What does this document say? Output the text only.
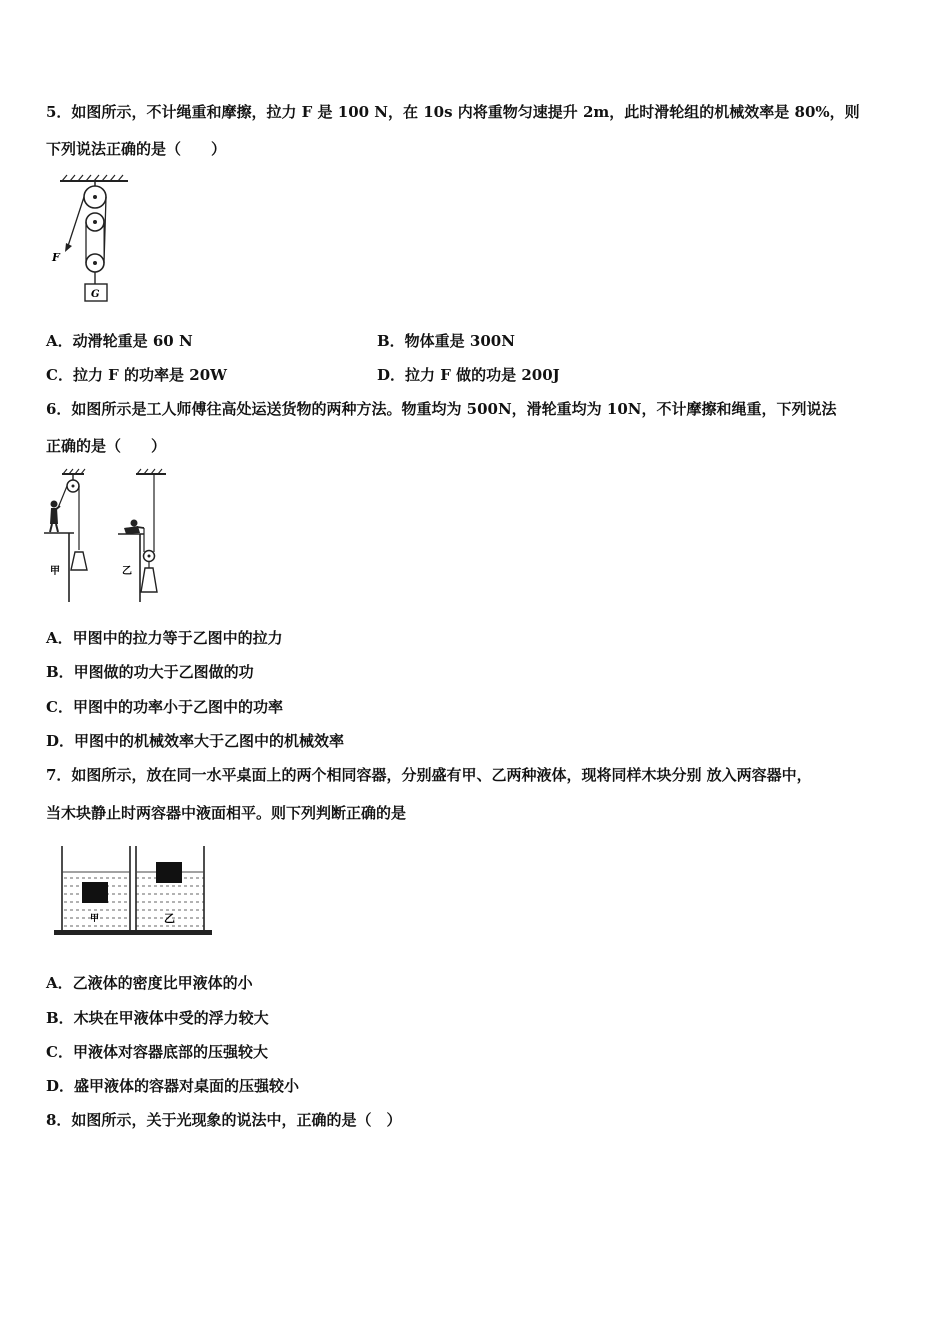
5．如图所示，不计绳重和摩擦，拉力 F 是 100 N，在 10s 内将重物匀速提升 2m，此时滑轮组的机械效率是 80%，则
下列说法正确的是（　　）
F
G
A．动滑轮重是 60 N	B．物体重是 300N
C．拉力 F 的功率是 20W	D．拉力 F 做的功是 200J
6．如图所示是工人师傅往高处运送货物的两种方法。物重均为 500N，滑轮重均为 10N，不计摩擦和绳重，下列说法
正确的是（　　）
甲	乙
A．甲图中的拉力等于乙图中的拉力
B．甲图做的功大于乙图做的功
C．甲图中的功率小于乙图中的功率
D．甲图中的机械效率大于乙图中的机械效率
7．如图所示，放在同一水平桌面上的两个相同容器，分别盛有甲、乙两种液体，现将同样木块分别 放入两容器中，
当木块静止时两容器中液面相平。则下列判断正确的是
甲	乙
A．乙液体的密度比甲液体的小
B．木块在甲液体中受的浮力较大
C．甲液体对容器底部的压强较大
D．盛甲液体的容器对桌面的压强较小
8．如图所示，关于光现象的说法中，正确的是（　）
